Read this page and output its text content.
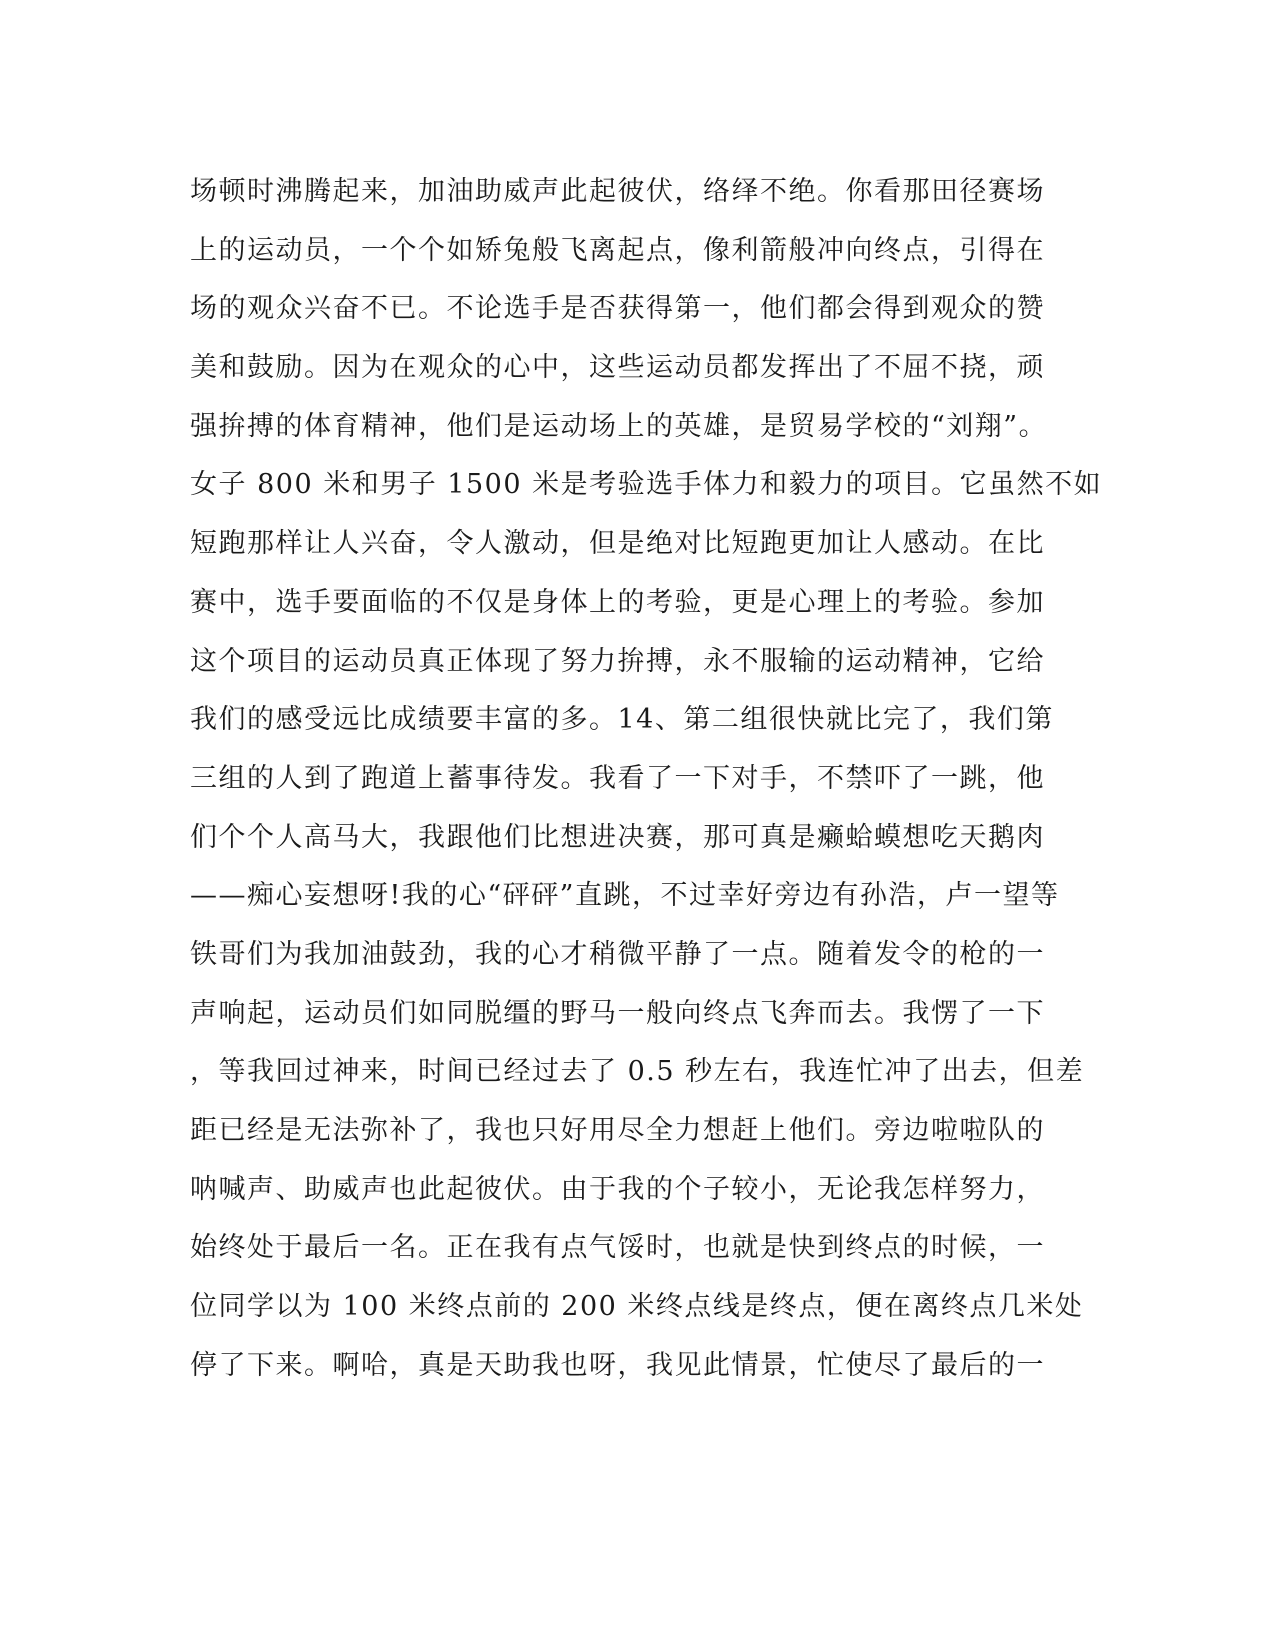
场顿时沸腾起来，加油助威声此起彼伏，络绎不绝。你看那田径赛场
上的运动员，一个个如矫兔般飞离起点，像利箭般冲向终点，引得在
场的观众兴奋不已。不论选手是否获得第一，他们都会得到观众的赞
美和鼓励。因为在观众的心中，这些运动员都发挥出了不屈不挠，顽
强拚搏的体育精神，他们是运动场上的英雄，是贸易学校的“刘翔”。
女子 800 米和男子 1500 米是考验选手体力和毅力的项目。它虽然不如
短跑那样让人兴奋，令人激动，但是绝对比短跑更加让人感动。在比
赛中，选手要面临的不仅是身体上的考验，更是心理上的考验。参加
这个项目的运动员真正体现了努力拚搏，永不服输的运动精神，它给
我们的感受远比成绩要丰富的多。14、第二组很快就比完了，我们第
三组的人到了跑道上蓄事待发。我看了一下对手，不禁吓了一跳，他
们个个人高马大，我跟他们比想进决赛，那可真是癞蛤蟆想吃天鹅肉
——痴心妄想呀!我的心“砰砰”直跳，不过幸好旁边有孙浩，卢一望等
铁哥们为我加油鼓劲，我的心才稍微平静了一点。随着发令的枪的一
声响起，运动员们如同脱缰的野马一般向终点飞奔而去。我愣了一下
，等我回过神来，时间已经过去了 0.5 秒左右，我连忙冲了出去，但差
距已经是无法弥补了，我也只好用尽全力想赶上他们。旁边啦啦队的
呐喊声、助威声也此起彼伏。由于我的个子较小，无论我怎样努力，
始终处于最后一名。正在我有点气馁时，也就是快到终点的时候，一
位同学以为 100 米终点前的 200 米终点线是终点，便在离终点几米处
停了下来。啊哈，真是天助我也呀，我见此情景，忙使尽了最后的一
